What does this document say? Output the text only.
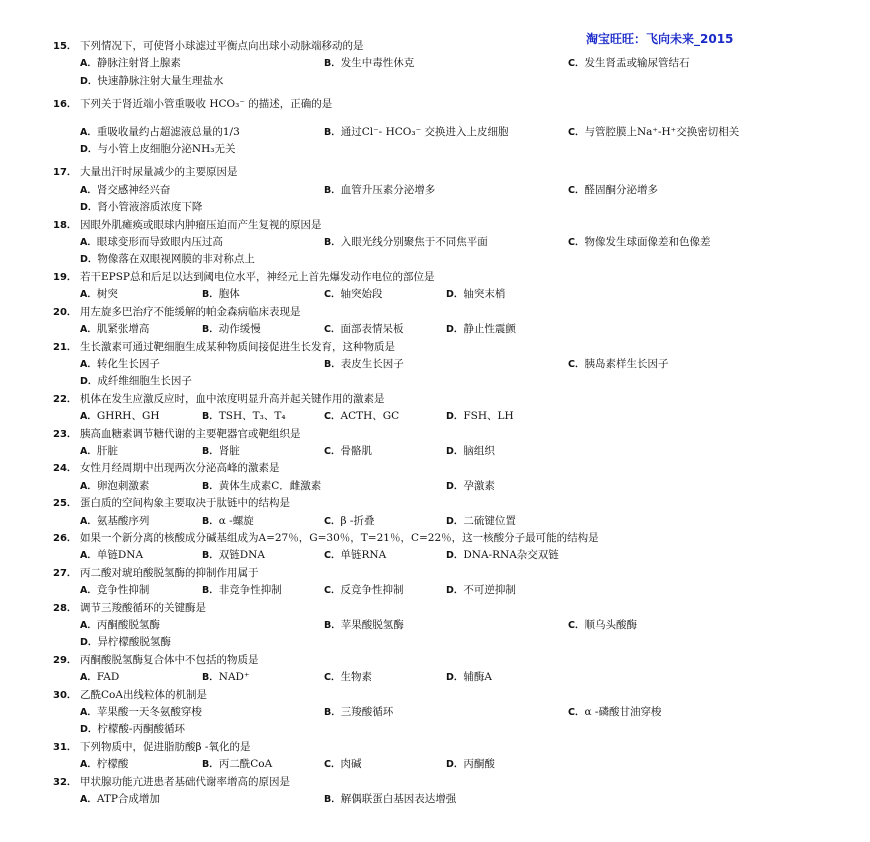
淘宝旺旺：飞向未来_2015
15． 下列情况下，可使肾小球滤过平衡点向出球小动脉端移动的是
A．静脉注射肾上腺素	B．发生中毒性休克	C．发生肾盂或输尿管结石
D．快速静脉注射大量生理盐水
16． 下列关于肾近端小管重吸收 HCO₃⁻ 的描述，正确的是
A．重吸收量约占超滤液总量的1/3	B．通过Cl⁻- HCO₃⁻ 交换进入上皮细胞	C．与管腔膜上Na⁺-H⁺交换密切相关
D．与小管上皮细胞分泌NH₃无关
17． 大量出汗时尿量减少的主要原因是
A．肾交感神经兴奋	B．血管升压素分泌增多	C．醛固酮分泌增多
D．肾小管液溶质浓度下降
18． 因眼外肌瘫痪或眼球内肿瘤压迫而产生复视的原因是
A．眼球变形而导致眼内压过高	B．入眼光线分别聚焦于不同焦平面	C．物像发生球面像差和色像差
D．物像落在双眼视网膜的非对称点上
19． 若干EPSP总和后足以达到阈电位水平，神经元上首先爆发动作电位的部位是
A．树突	B．胞体	C．轴突始段	D．轴突末梢
20． 用左旋多巴治疗不能缓解的帕金森病临床表现是
A．肌紧张增高	B．动作缓慢	C．面部表情呆板	D．静止性震颤
21． 生长激素可通过靶细胞生成某种物质间接促进生长发育，这种物质是
A．转化生长因子	B．表皮生长因子	C．胰岛素样生长因子
D．成纤维细胞生长因子
22． 机体在发生应激反应时，血中浓度明显升高并起关键作用的激素是
A．GHRH、GH	B．TSH、T₃、T₄	C．ACTH、GC	D．FSH、LH
23． 胰高血糖素调节糖代谢的主要靶器官或靶组织是
A．肝脏	B．肾脏	C．骨骼肌	D．脑组织
24． 女性月经周期中出现两次分泌高峰的激素是
A．卵泡刺激素	B．黄体生成素C．雌激素	D．孕激素
25． 蛋白质的空间构象主要取决于肽链中的结构是
A．氨基酸序列	B．α -螺旋	C．β -折叠	D．二硫键位置
26． 如果一个新分离的核酸成分碱基组成为A=27％，G=30％，T=21％，C=22％，这一核酸分子最可能的结构是
A．单链DNA	B．双链DNA	C．单链RNA	D．DNA-RNA杂交双链
27． 丙二酸对琥珀酸脱氢酶的抑制作用属于
A．竞争性抑制	B．非竞争性抑制	C．反竞争性抑制	D．不可逆抑制
28． 调节三羧酸循环的关键酶是
A．丙酮酸脱氢酶	B．苹果酸脱氢酶	C．顺乌头酸酶
D．异柠檬酸脱氢酶
29． 丙酮酸脱氢酶复合体中不包括的物质是
A．FAD	B．NAD⁺	C．生物素	D．辅酶A
30． 乙酰CoA出线粒体的机制是
A．苹果酸一天冬氨酸穿梭	B．三羧酸循环	C．α -磷酸甘油穿梭
D．柠檬酸-丙酮酸循环
31． 下列物质中，促进脂肪酸β -氧化的是
A．柠檬酸	B．丙二酰CoA	C．肉碱	D．丙酮酸
32． 甲状腺功能亢进患者基础代谢率增高的原因是
A．ATP合成增加	B．解偶联蛋白基因表达增强
